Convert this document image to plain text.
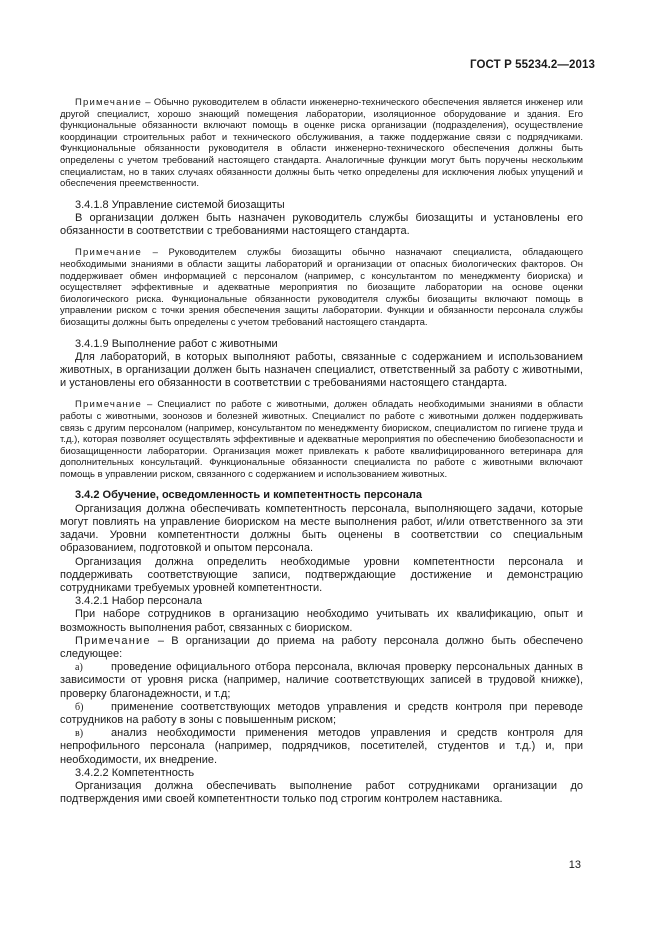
ГОСТ Р 55234.2—2013

Примечание – Обычно руководителем в области инженерно-технического обеспечения является инженер или другой специалист, хорошо знающий помещения лаборатории, изоляционное оборудование и здания. Его функциональные обязанности включают помощь в оценке риска организации (подразделения), осуществление координации строительных работ и технического обслуживания, а также поддержание связи с подрядчиками. Функциональные обязанности руководителя в области инженерно-технического обеспечения должны быть определены с учетом требований настоящего стандарта. Аналогичные функции могут быть поручены нескольким специалистам, но в таких случаях обязанности должны быть четко определены для исключения любых упущений и обеспечения преемственности.

3.4.1.8 Управление системой биозащиты

В организации должен быть назначен руководитель службы биозащиты и установлены его обязанности в соответствии с требованиями настоящего стандарта.

Примечание – Руководителем службы биозащиты обычно назначают специалиста, обладающего необходимыми знаниями в области защиты лабораторий и организации от опасных биологических факторов. Он поддерживает обмен информацией с персоналом (например, с консультантом по менеджменту биориска) и осуществляет эффективные и адекватные мероприятия по биозащите лаборатории на основе оценки биологического риска. Функциональные обязанности руководителя службы биозащиты включают помощь в управлении риском с точки зрения обеспечения защиты лаборатории. Функции и обязанности персонала службы биозащиты должны быть определены с учетом требований настоящего стандарта.

3.4.1.9 Выполнение работ с животными

Для лабораторий, в которых выполняют работы, связанные с содержанием и использованием животных, в организации должен быть назначен специалист, ответственный за работу с животными, и установлены его обязанности в соответствии с требованиями настоящего стандарта.

Примечание – Специалист по работе с животными, должен обладать необходимыми знаниями в области работы с животными, зоонозов и болезней животных. Специалист по работе с животными должен поддерживать связь с другим персоналом (например, консультантом по менеджменту биориском, специалистом по гигиене труда и т.д.), которая позволяет осуществлять эффективные и адекватные мероприятия по обеспечению биобезопасности и биозащищенности лаборатории. Организация может привлекать к работе квалифицированного ветеринара для дополнительных консультаций. Функциональные обязанности специалиста по работе с животными включают помощь в управлении риском, связанного с содержанием и использованием животных.

3.4.2 Обучение, осведомленность и компетентность персонала

Организация должна обеспечивать компетентность персонала, выполняющего задачи, которые могут повлиять на управление биориском на месте выполнения работ, и/или ответственного за эти задачи. Уровни компетентности должны быть оценены в соответствии со специальным образованием, подготовкой и опытом персонала.

Организация должна определить необходимые уровни компетентности персонала и поддерживать соответствующие записи, подтверждающие достижение и демонстрацию сотрудниками требуемых уровней компетентности.

3.4.2.1 Набор персонала

При наборе сотрудников в организацию необходимо учитывать их квалификацию, опыт и возможность выполнения работ, связанных с биориском.

Примечание – В организации до приема на работу персонала должно быть обеспечено следующее:

а)	проведение официального отбора персонала, включая проверку персональных данных в зависимости от уровня риска (например, наличие соответствующих записей в трудовой книжке), проверку благонадежности, и т.д;

б)	применение соответствующих методов управления и средств контроля при переводе сотрудников на работу в зоны с повышенным риском;

в)	анализ необходимости применения методов управления и средств контроля для непрофильного персонала (например, подрядчиков, посетителей, студентов и т.д.) и, при необходимости, их внедрение.

3.4.2.2 Компетентность

Организация должна обеспечивать выполнение работ сотрудниками организации до подтверждения ими своей компетентности только под строгим контролем наставника.

13
